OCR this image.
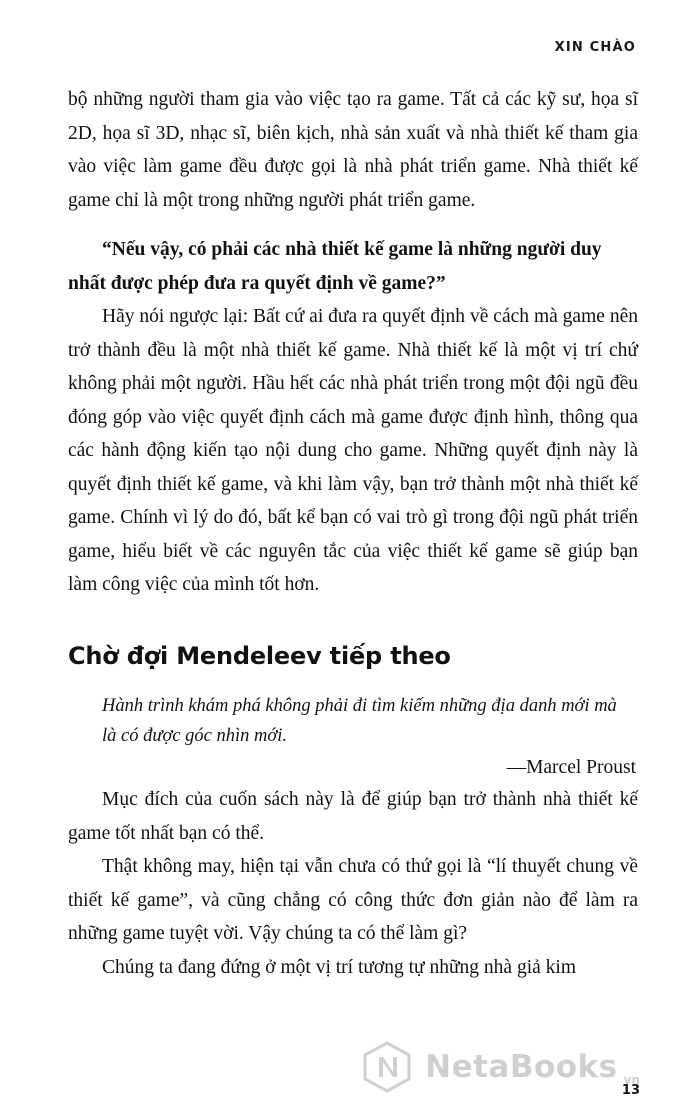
XIN CHÀO

bộ những người tham gia vào việc tạo ra game. Tất cả các kỹ sư, họa sĩ 2D, họa sĩ 3D, nhạc sĩ, biên kịch, nhà sản xuất và nhà thiết kế tham gia vào việc làm game đều được gọi là nhà phát triển game. Nhà thiết kế game chỉ là một trong những người phát triển game.

“Nếu vậy, có phải các nhà thiết kế game là những người duy nhất được phép đưa ra quyết định về game?”

Hãy nói ngược lại: Bất cứ ai đưa ra quyết định về cách mà game nên trở thành đều là một nhà thiết kế game. Nhà thiết kế là một vị trí chứ không phải một người. Hầu hết các nhà phát triển trong một đội ngũ đều đóng góp vào việc quyết định cách mà game được định hình, thông qua các hành động kiến tạo nội dung cho game. Những quyết định này là quyết định thiết kế game, và khi làm vậy, bạn trở thành một nhà thiết kế game. Chính vì lý do đó, bất kể bạn có vai trò gì trong đội ngũ phát triển game, hiểu biết về các nguyên tắc của việc thiết kế game sẽ giúp bạn làm công việc của mình tốt hơn.

Chờ đợi Mendeleev tiếp theo

Hành trình khám phá không phải đi tìm kiếm những địa danh mới mà là có được góc nhìn mới.

—Marcel Proust

Mục đích của cuốn sách này là để giúp bạn trở thành nhà thiết kế game tốt nhất bạn có thể.

Thật không may, hiện tại vẫn chưa có thứ gọi là “lí thuyết chung về thiết kế game”, và cũng chẳng có công thức đơn giản nào để làm ra những game tuyệt vời. Vậy chúng ta có thể làm gì?

Chúng ta đang đứng ở một vị trí tương tự những nhà giả kim

13
NetaBooks vn
